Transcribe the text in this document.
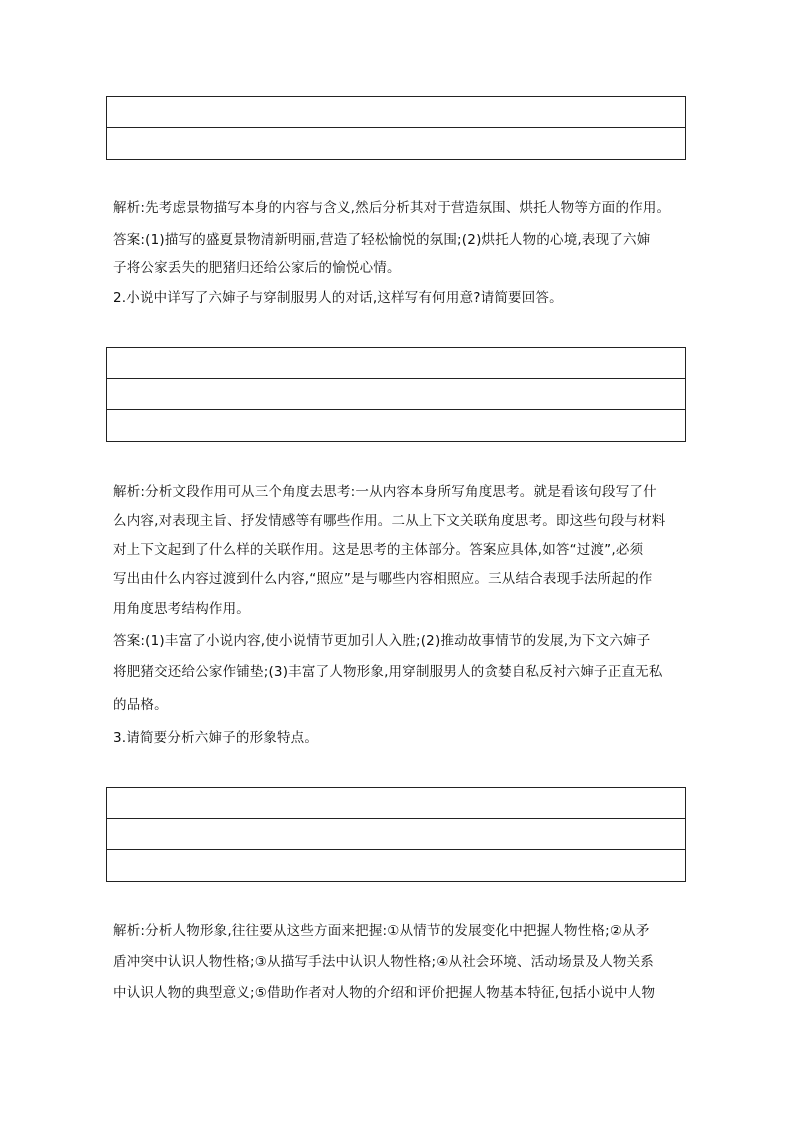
解析:先考虑景物描写本身的内容与含义,然后分析其对于营造氛围、烘托人物等方面的作用。
答案:(1)描写的盛夏景物清新明丽,营造了轻松愉悦的氛围;(2)烘托人物的心境,表现了六婶
子将公家丢失的肥猪归还给公家后的愉悦心情。
2.小说中详写了六婶子与穿制服男人的对话,这样写有何用意?请简要回答。
解析:分析文段作用可从三个角度去思考:一从内容本身所写角度思考。就是看该句段写了什
么内容,对表现主旨、抒发情感等有哪些作用。二从上下文关联角度思考。即这些句段与材料
对上下文起到了什么样的关联作用。这是思考的主体部分。答案应具体,如答“过渡”,必须
写出由什么内容过渡到什么内容,“照应”是与哪些内容相照应。三从结合表现手法所起的作
用角度思考结构作用。
答案:(1)丰富了小说内容,使小说情节更加引人入胜;(2)推动故事情节的发展,为下文六婶子
将肥猪交还给公家作铺垫;(3)丰富了人物形象,用穿制服男人的贪婪自私反衬六婶子正直无私
的品格。
3.请简要分析六婶子的形象特点。
解析:分析人物形象,往往要从这些方面来把握:①从情节的发展变化中把握人物性格;②从矛
盾冲突中认识人物性格;③从描写手法中认识人物性格;④从社会环境、活动场景及人物关系
中认识人物的典型意义;⑤借助作者对人物的介绍和评价把握人物基本特征,包括小说中人物
